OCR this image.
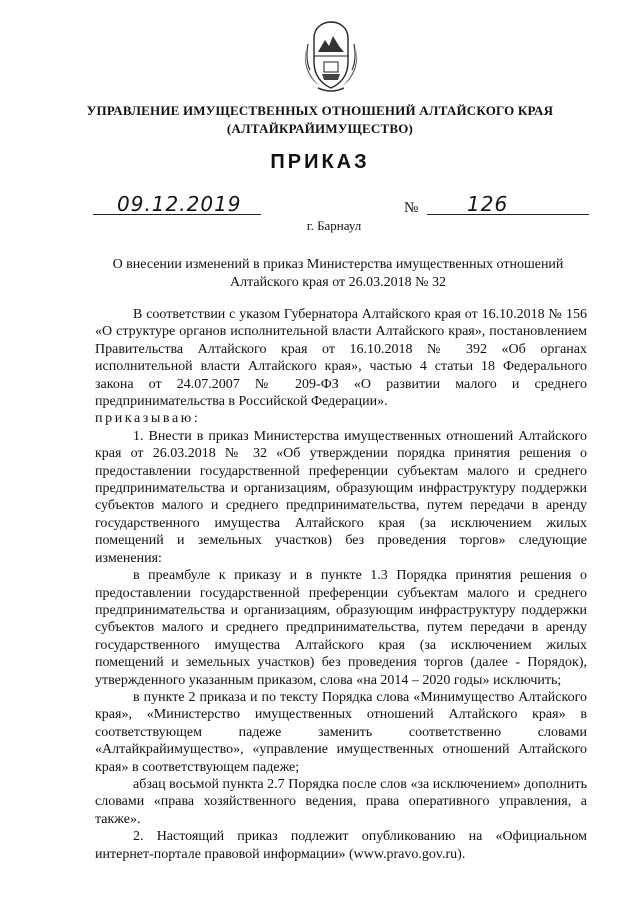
УПРАВЛЕНИЕ ИМУЩЕСТВЕННЫХ ОТНОШЕНИЙ АЛТАЙСКОГО КРАЯ
(АЛТАЙКРАЙИМУЩЕСТВО)
ПРИКАЗ
09.12.2019	№ 126
г. Барнаул
О внесении изменений в приказ Министерства имущественных отношений
Алтайского края от 26.03.2018 № 32

В соответствии с указом Губернатора Алтайского края от 16.10.2018 № 156 «О структуре органов исполнительной власти Алтайского края», постановлением Правительства Алтайского края от 16.10.2018 № 392 «Об органах исполнительной власти Алтайского края», частью 4 статьи 18 Федерального закона от 24.07.2007 № 209-ФЗ «О развитии малого и среднего предпринимательства в Российской Федерации».

приказываю:

1. Внести в приказ Министерства имущественных отношений Алтайского края от 26.03.2018 № 32 «Об утверждении порядка принятия решения о предоставлении государственной преференции субъектам малого и среднего предпринимательства и организациям, образующим инфраструктуру поддержки субъектов малого и среднего предпринимательства, путем передачи в аренду государственного имущества Алтайского края (за исключением жилых помещений и земельных участков) без проведения торгов» следующие изменения:

в преамбуле к приказу и в пункте 1.3 Порядка принятия решения о предоставлении государственной преференции субъектам малого и среднего предпринимательства и организациям, образующим инфраструктуру поддержки субъектов малого и среднего предпринимательства, путем передачи в аренду государственного имущества Алтайского края (за исключением жилых помещений и земельных участков) без проведения торгов (далее - Порядок), утвержденного указанным приказом, слова «на 2014 – 2020 годы» исключить;

в пункте 2 приказа и по тексту Порядка слова «Минимущество Алтайского края», «Министерство имущественных отношений Алтайского края» в соответствующем падеже заменить соответственно словами «Алтайкрайимущество», «управление имущественных отношений Алтайского края» в соответствующем падеже;

абзац восьмой пункта 2.7 Порядка после слов «за исключением» дополнить словами «права хозяйственного ведения, права оперативного управления, а также».

2. Настоящий приказ подлежит опубликованию на «Официальном интернет-портале правовой информации» (www.pravo.gov.ru).
